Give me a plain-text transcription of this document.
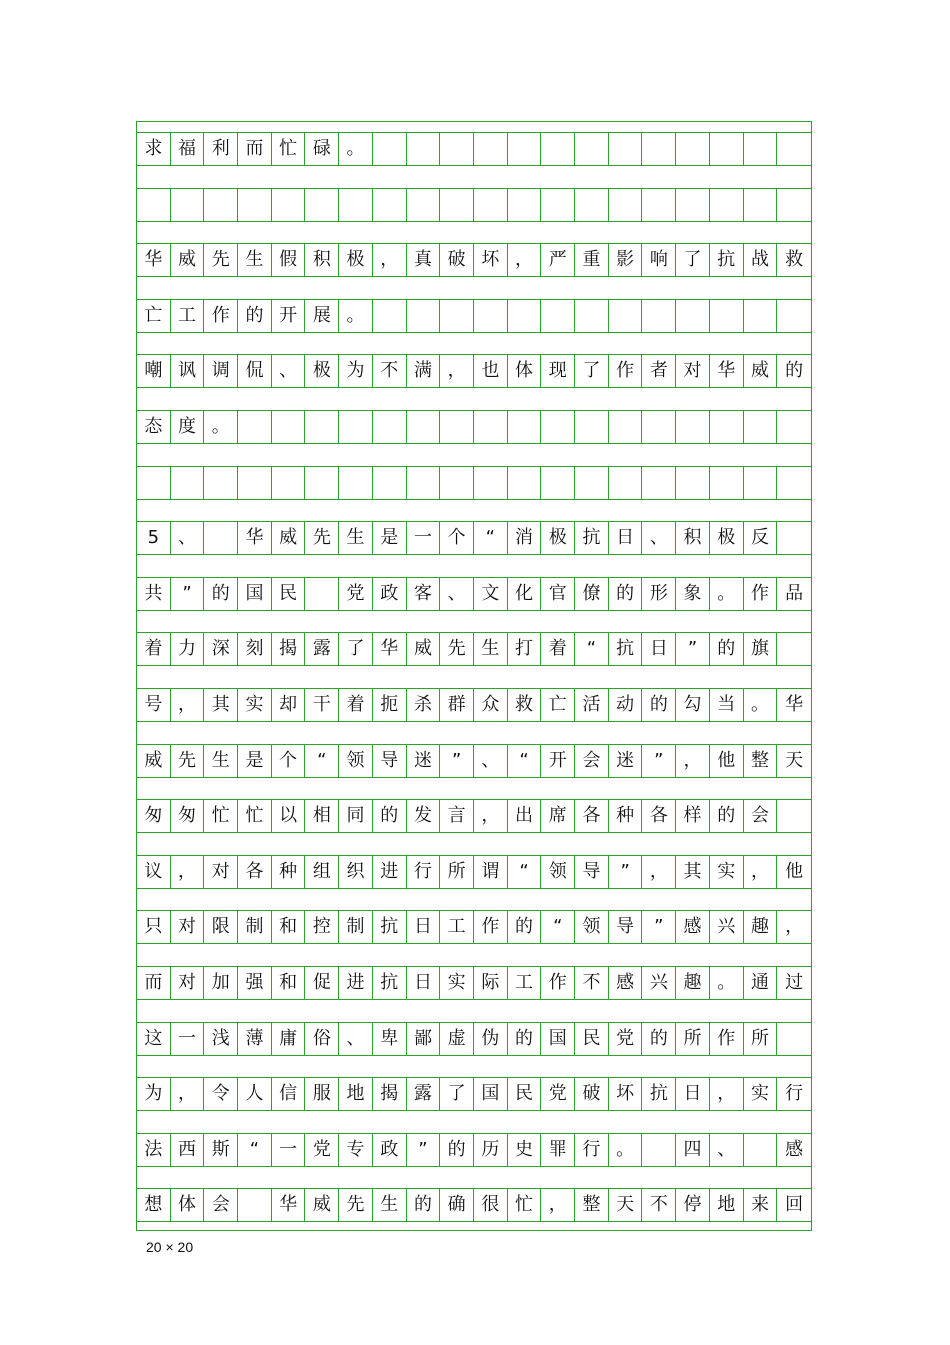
求 福 利 而 忙 碌 。
华 威 先 生 假 积 极 ， 真 破 坏 ， 严 重 影 响 了 抗 战 救
亡 工 作 的 开 展 。
嘲 讽 调 侃 、 极 为 不 满 ， 也 体 现 了 作 者 对 华 威 的
态 度 。
5	、	华 威 先 生 是 一 个	“	消 极 抗 日 、 积 极 反
共	”	的 国 民	党 政 客 、 文 化 官 僚 的 形 象 。 作 品
着 力 深 刻 揭 露 了 华 威 先 生 打 着	“	抗 日	”	的 旗
号 ， 其 实 却 干 着 扼 杀 群 众 救 亡 活 动 的 勾 当 。 华
威 先 生 是 个	“	领 导 迷	”	、	“	开 会 迷	”	， 他 整 天
匆 匆 忙 忙 以 相 同 的 发 言 ， 出 席 各 种 各 样 的 会
议 ， 对 各 种 组 织 进 行 所 谓	“	领 导	”	， 其 实 ， 他
只 对 限 制 和 控 制 抗 日 工 作 的	“	领 导	”	感 兴 趣 ，
而 对 加 强 和 促 进 抗 日 实 际 工 作 不 感 兴 趣 。 通 过
这 一 浅 薄 庸 俗 、 卑 鄙 虚 伪 的 国 民 党 的 所 作 所
为 ， 令 人 信 服 地 揭 露 了 国 民 党 破 坏 抗 日 ， 实 行
法 西 斯	“	一 党 专 政	”	的 历 史 罪 行 。	四 、	感
想 体 会	华 威 先 生 的 确 很 忙 ， 整 天 不 停 地 来 回
20 × 20
